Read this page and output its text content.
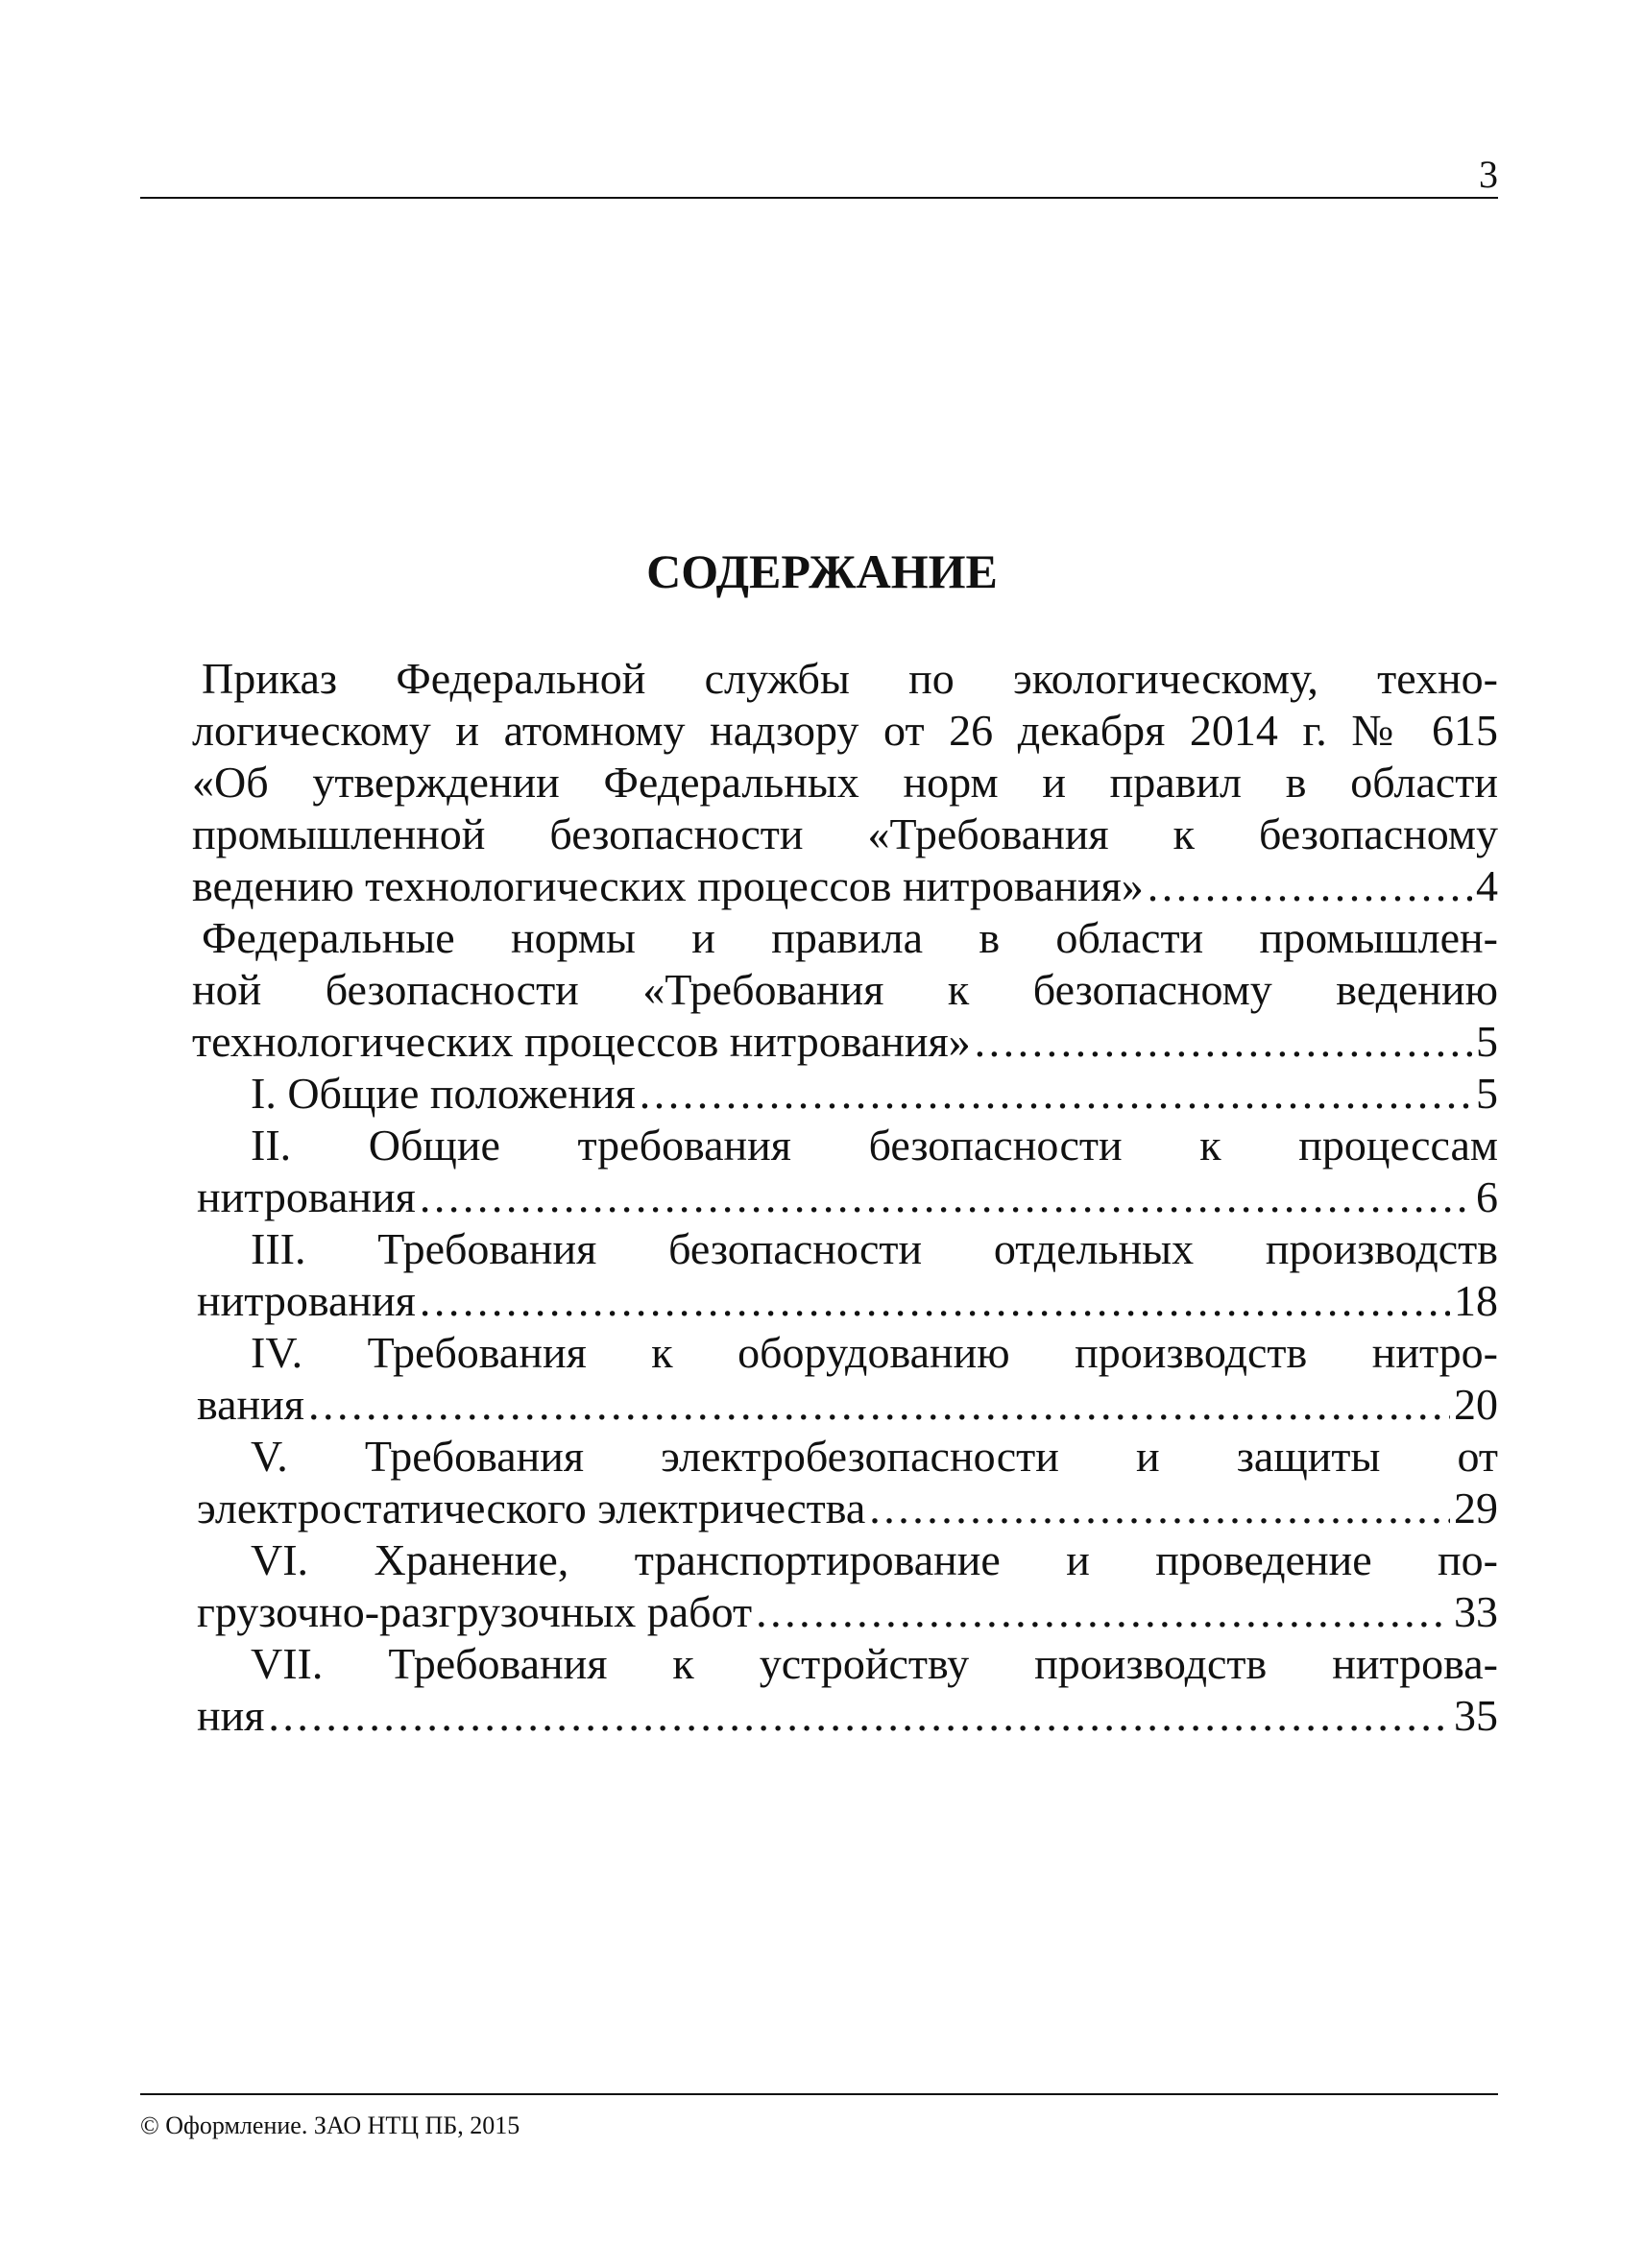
3
СОДЕРЖАНИЕ
Приказ Федеральной службы по экологическому, техно-
логическому и атомному надзору от 26 декабря 2014 г. № 615
«Об утверждении Федеральных норм и правил в области
промышленной безопасности «Требования к безопасному
ведению технологических процессов нитрования» . . .	4
Федеральные нормы и правила в области промышлен-
ной безопасности «Требования к безопасному ведению
технологических процессов нитрования» . . .	5
I. Общие положения . . .	5
II. Общие требования безопасности к процессам
нитрования . . .	6
III. Требования безопасности отдельных производств
нитрования . . .	18
IV. Требования к оборудованию производств нитро-
вания . . .	20
V. Требования электробезопасности и защиты от
электростатического электричества . . .	29
VI. Хранение, транспортирование и проведение по-
грузочно-разгрузочных работ . . .	33
VII. Требования к устройству производств нитрова-
ния . . .	35
© Оформление. ЗАО НТЦ ПБ, 2015
